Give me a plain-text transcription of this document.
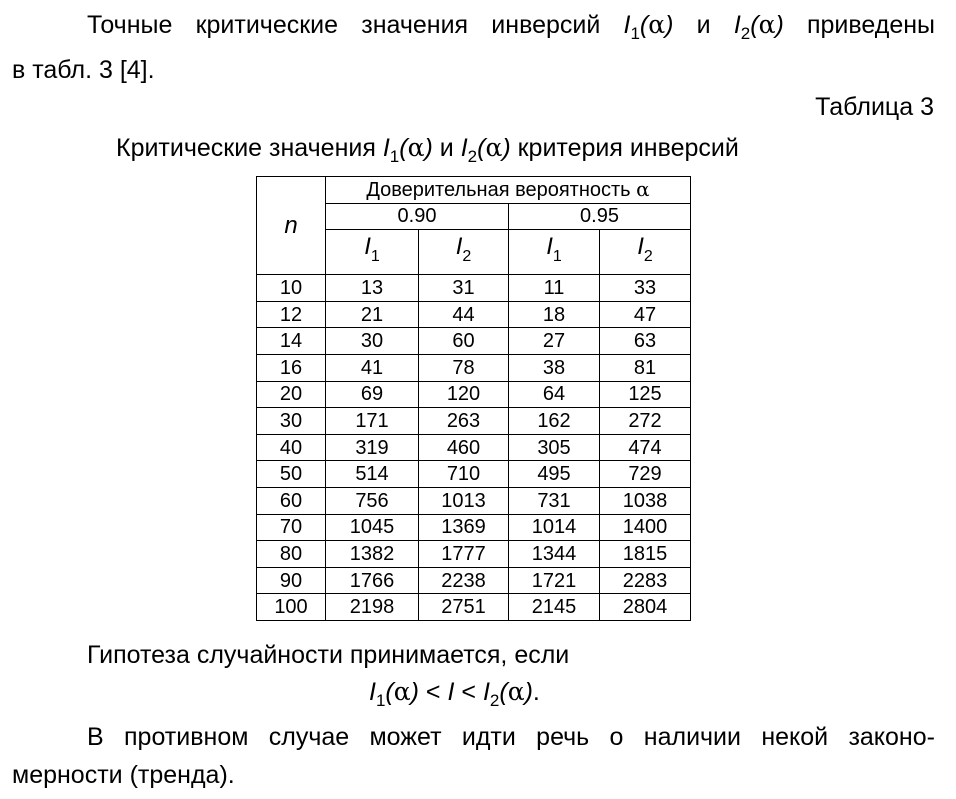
Точные критические значения инверсий $I_1(\alpha)$ и $I_2(\alpha)$ приведены
в табл. 3 [4].
Таблица 3
Критические значения $I_1(\alpha)$ и $I_2(\alpha)$ критерия инверсий
n	Доверительная вероятность α			
	0.90		0.95	
	$I_1$	$I_2$	$I_1$	$I_2$
10	13	31	11	33
12	21	44	18	47
14	30	60	27	63
16	41	78	38	81
20	69	120	64	125
30	171	263	162	272
40	319	460	305	474
50	514	710	495	729
60	756	1013	731	1038
70	1045	1369	1014	1400
80	1382	1777	1344	1815
90	1766	2238	1721	2283
100	2198	2751	2145	2804
Гипотеза случайности принимается, если
$I_1(\alpha) < I < I_2(\alpha)$.
В противном случае может идти речь о наличии некой законо-
мерности (тренда).
